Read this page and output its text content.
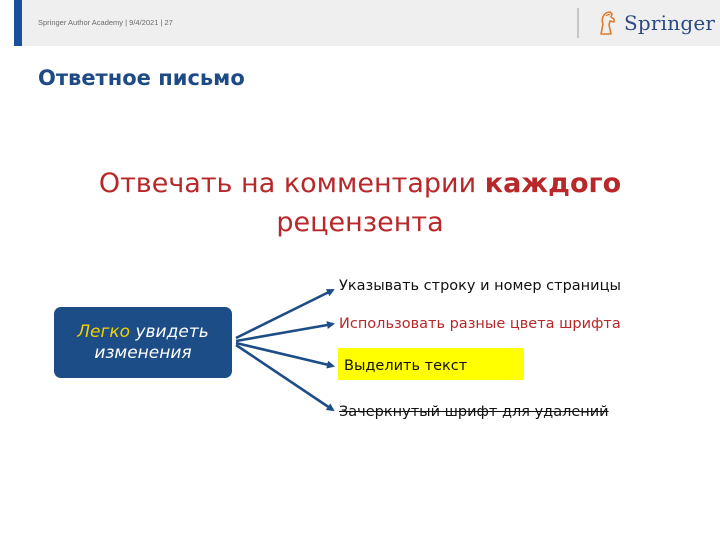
Springer Author Academy | 9/4/2021 | 27	Springer
Ответное письмо
Отвечать на комментарии каждого
рецензента
Легко увидеть
изменения
Указывать строку и номер страницы
Использовать разные цвета шрифта
Выделить текст
Зачеркнутый шрифт для удалений
